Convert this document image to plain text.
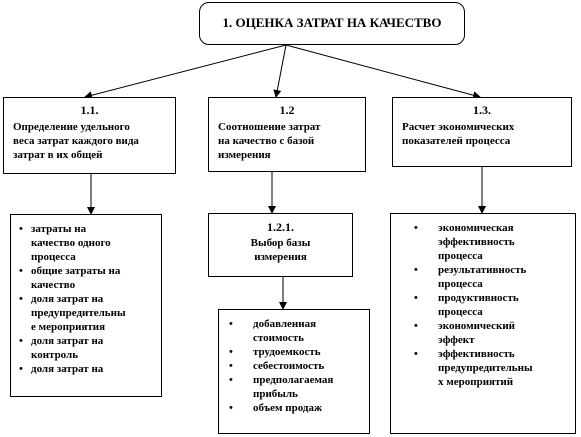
1. ОЦЕНКА ЗАТРАТ НА КАЧЕСТВО
1.1.
Определение удельного
веса затрат каждого вида
затрат в их общей
• затраты на
качество одного
процесса
• общие затраты на
качество
• доля затрат на
предупредительны
е мероприятия
• доля затрат на
контроль
• доля затрат на
1.2
Соотношение затрат
на качество с базой
измерения
1.2.1.
Выбор базы
измерения
• добавленная
стоимость
• трудоемкость
• себестоимость
• предполагаемая
прибыль
• объем продаж
1.3.
Расчет экономических
показателей процесса
• экономическая
эффективность
процесса
• результативность
процесса
• продуктивность
процесса
• экономический
эффект
• эффективность
предупредительны
х мероприятий
